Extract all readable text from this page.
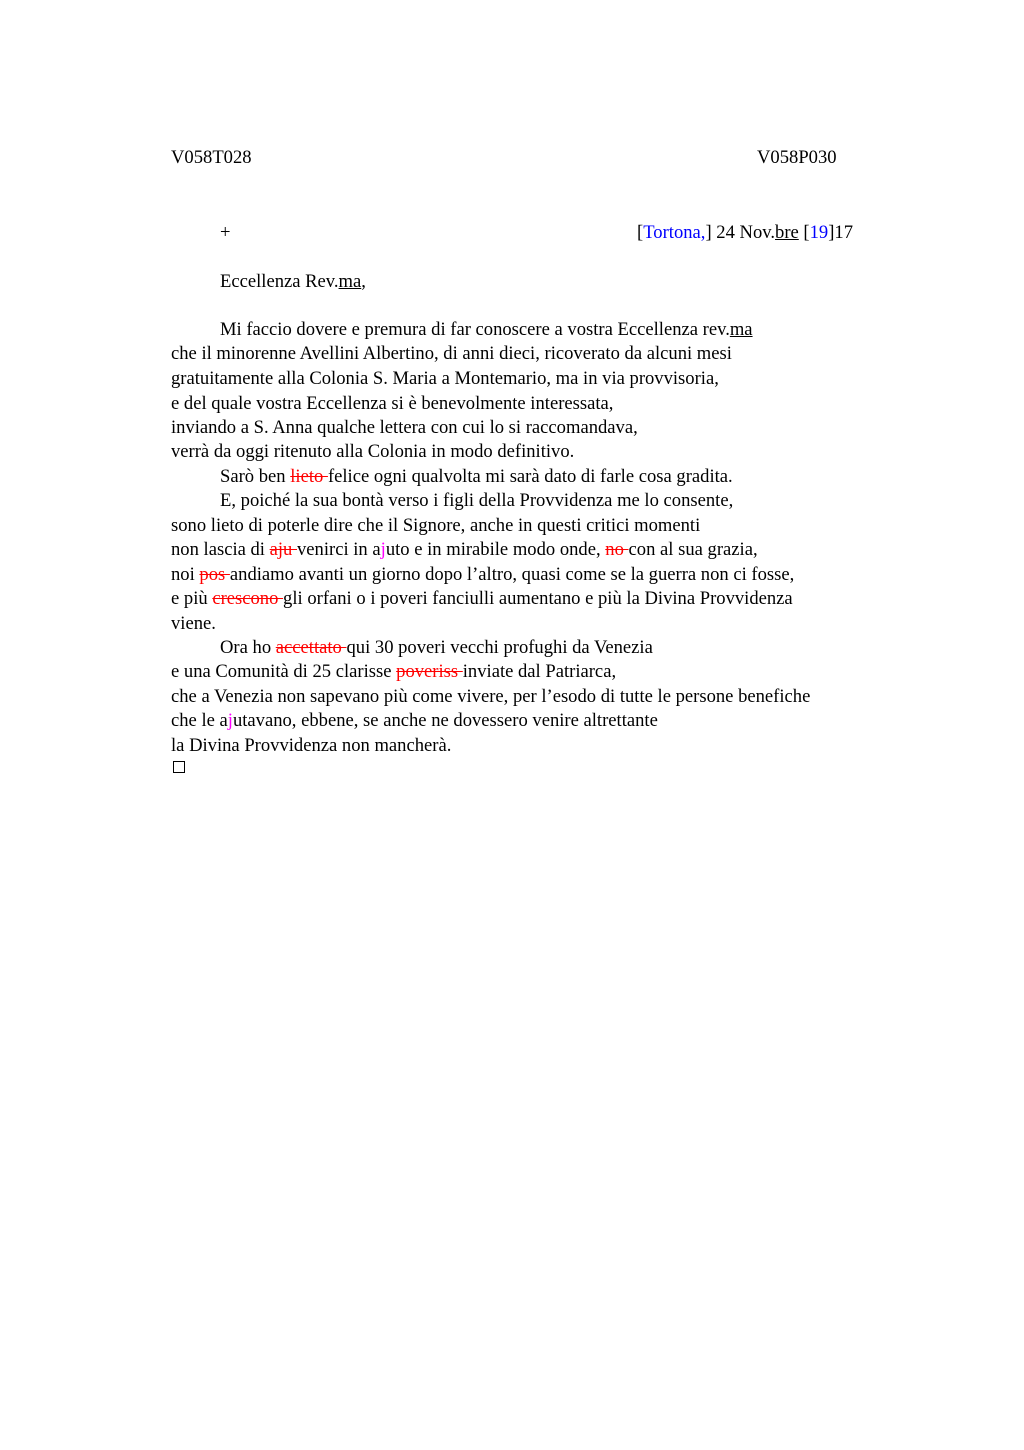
V058T028	V058P030
+	[Tortona,] 24 Nov.bre [19]17
Eccellenza Rev.ma,
Mi faccio dovere e premura di far conoscere a vostra Eccellenza rev.ma
che il minorenne Avellini Albertino, di anni dieci, ricoverato da alcuni mesi
gratuitamente alla Colonia S. Maria a Montemario, ma in via provvisoria,
e del quale vostra Eccellenza si è benevolmente interessata,
inviando a S. Anna qualche lettera con cui lo si raccomandava,
verrà da oggi ritenuto alla Colonia in modo definitivo.
Sarò ben lieto felice ogni qualvolta mi sarà dato di farle cosa gradita.
E, poiché la sua bontà verso i figli della Provvidenza me lo consente,
sono lieto di poterle dire che il Signore, anche in questi critici momenti
non lascia di aju venirci in ajuto e in mirabile modo onde, no con al sua grazia,
noi pos andiamo avanti un giorno dopo l’altro, quasi come se la guerra non ci fosse,
e più crescono gli orfani o i poveri fanciulli aumentano e più la Divina Provvidenza
viene.
Ora ho accettato qui 30 poveri vecchi profughi da Venezia
e una Comunità di 25 clarisse poveriss inviate dal Patriarca,
che a Venezia non sapevano più come vivere, per l’esodo di tutte le persone benefiche
che le ajutavano, ebbene, se anche ne dovessero venire altrettante
la Divina Provvidenza non mancherà.
